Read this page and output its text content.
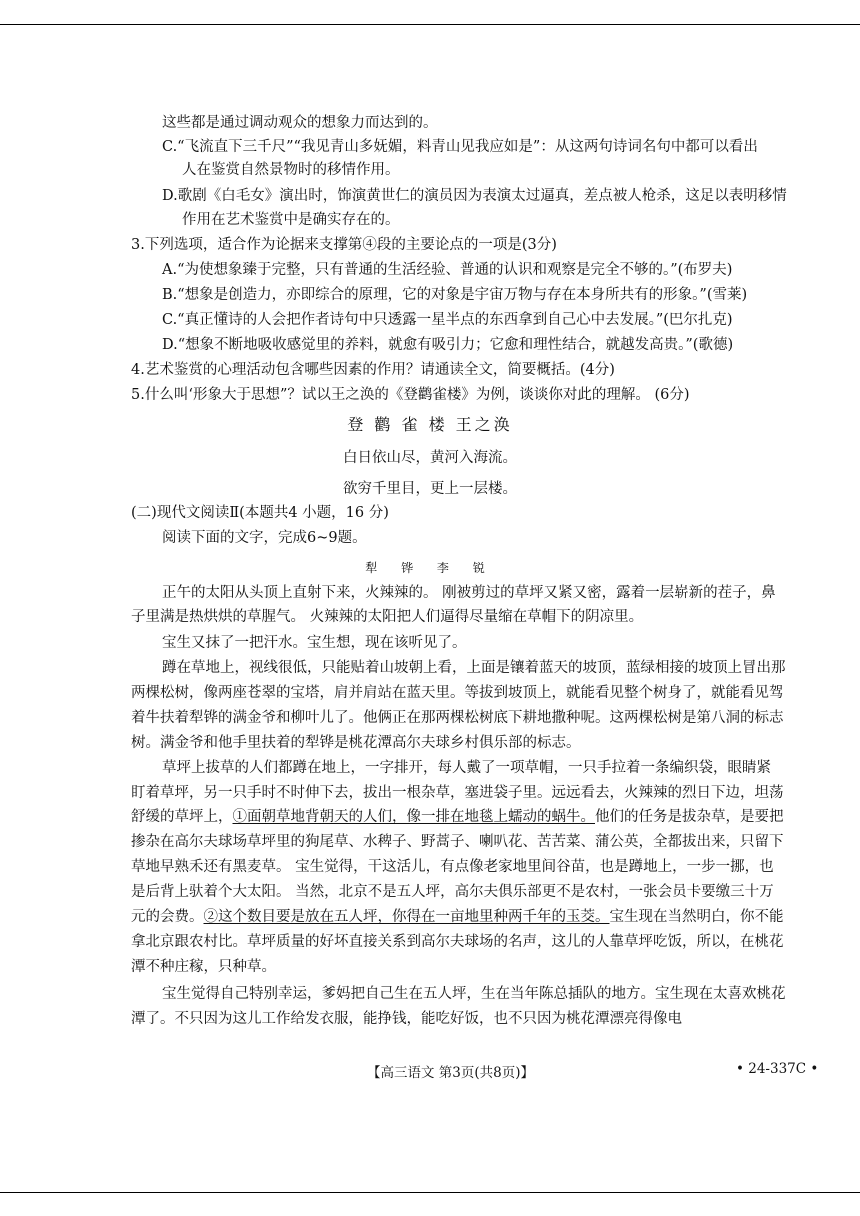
这些都是通过调动观众的想象力而达到的。
C.“飞流直下三千尺”“我见青山多妩媚，料青山见我应如是”：从这两句诗词名句中都可以看出
人在鉴赏自然景物时的移情作用。
D.歌剧《白毛女》演出时，饰演黄世仁的演员因为表演太过逼真，差点被人枪杀，这足以表明移情
作用在艺术鉴赏中是确实存在的。
3.下列选项，适合作为论据来支撑第④段的主要论点的一项是(3分)
A.“为使想象臻于完整，只有普通的生活经验、普通的认识和观察是完全不够的。”(布罗夫)
B.“想象是创造力，亦即综合的原理，它的对象是宇宙万物与存在本身所共有的形象。”(雪莱)
C.“真正懂诗的人会把作者诗句中只透露一星半点的东西拿到自己心中去发展。”(巴尔扎克)
D.“想象不断地吸收感觉里的养料，就愈有吸引力；它愈和理性结合，就越发高贵。”(歌德)
4.艺术鉴赏的心理活动包含哪些因素的作用？请通读全文，简要概括。(4分)
5.什么叫‘形象大于思想”？试以王之涣的《登鹳雀楼》为例，谈谈你对此的理解。 (6分)
登 鹳 雀 楼 王之涣
白日依山尽，黄河入海流。
欲穷千里目，更上一层楼。
(二)现代文阅读Ⅱ(本题共4 小题，16 分)
阅读下面的文字，完成6~9题。
犁 铧 李 锐
正午的太阳从头顶上直射下来，火辣辣的。 刚被剪过的草坪又紧又密，露着一层崭新的茬子，鼻
子里满是热烘烘的草腥气。 火辣辣的太阳把人们逼得尽量缩在草帽下的阴凉里。
宝生又抹了一把汗水。宝生想，现在该听见了。
蹲在草地上，视线很低，只能贴着山坡朝上看，上面是镶着蓝天的坡顶，蓝绿相接的坡顶上冒出那
两棵松树，像两座苍翠的宝塔，肩并肩站在蓝天里。等拔到坡顶上，就能看见整个树身了，就能看见驾
着牛扶着犁铧的满金爷和柳叶儿了。他俩正在那两棵松树底下耕地撒种呢。这两棵松树是第八洞的标志
树。满金爷和他手里扶着的犁铧是桃花潭高尔夫球乡村俱乐部的标志。
草坪上拔草的人们都蹲在地上，一字排开，每人戴了一项草帽，一只手拉着一条编织袋，眼睛紧
盯着草坪，另一只手时不时伸下去，拔出一根杂草，塞进袋子里。远远看去，火辣辣的烈日下边，坦荡
舒缓的草坪上，①面朝草地背朝天的人们，像一排在地毯上蠕动的蜗牛。他们的任务是拔杂草，是要把
掺杂在高尔夫球场草坪里的狗尾草、水稗子、野蒿子、喇叭花、苦苦菜、蒲公英，全都拔出来，只留下
草地早熟禾还有黑麦草。 宝生觉得，干这活儿，有点像老家地里间谷苗，也是蹲地上，一步一挪，也
是后背上驮着个大太阳。 当然，北京不是五人坪，高尔夫俱乐部更不是农村，一张会员卡要缴三十万
元的会费。②这个数目要是放在五人坪，你得在一亩地里种两千年的玉茭。宝生现在当然明白，你不能
拿北京跟农村比。草坪质量的好坏直接关系到高尔夫球场的名声，这儿的人靠草坪吃饭，所以，在桃花
潭不种庄稼，只种草。
宝生觉得自己特别幸运，爹妈把自己生在五人坪，生在当年陈总插队的地方。宝生现在太喜欢桃花
潭了。不只因为这儿工作给发衣服，能挣钱，能吃好饭，也不只因为桃花潭漂亮得像电
【高三语文 第3页(共8页)】	• 24-337C •
